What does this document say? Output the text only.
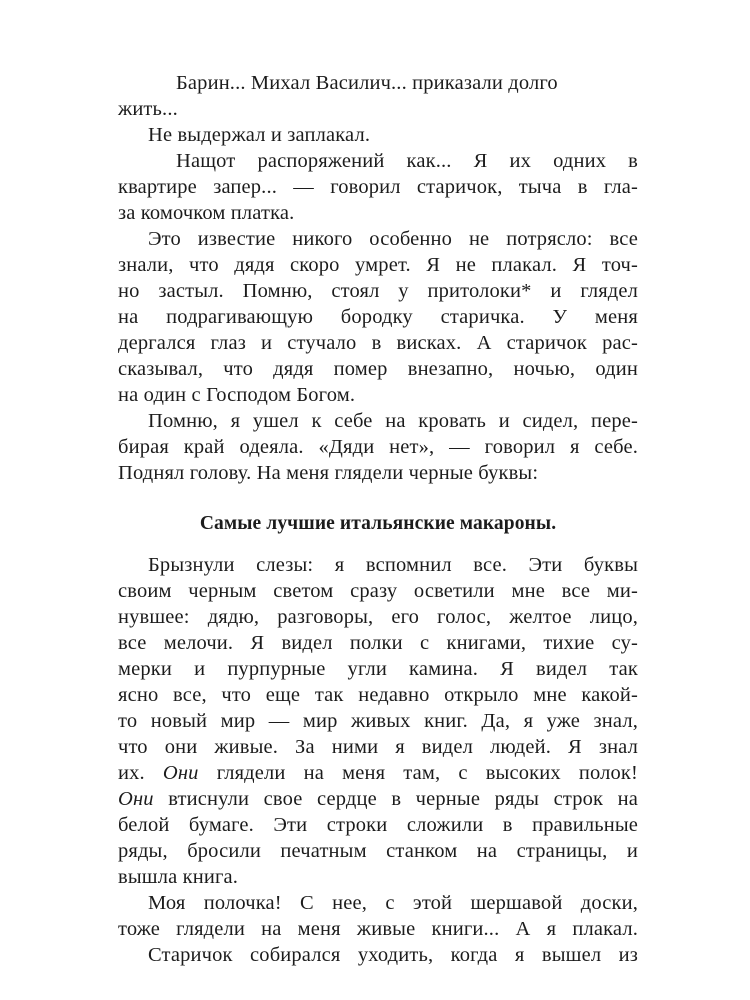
Барин... Михал Василич... приказали долго
жить...
Не выдержал и заплакал.
Нащот распоряжений как... Я их одних в
квартире запер... — говорил старичок, тыча в гла-
за комочком платка.
Это известие никого особенно не потрясло: все
знали, что дядя скоро умрет. Я не плакал. Я точ-
но застыл. Помню, стоял у притолоки* и глядел
на подрагивающую бородку старичка. У меня
дергался глаз и стучало в висках. А старичок рас-
сказывал, что дядя помер внезапно, ночью, один
на один с Господом Богом.
Помню, я ушел к себе на кровать и сидел, пере-
бирая край одеяла. «Дяди нет», — говорил я себе.
Поднял голову. На меня глядели черные буквы:
Самые лучшие итальянские макароны.
Брызнули слезы: я вспомнил все. Эти буквы
своим черным светом сразу осветили мне все ми-
нувшее: дядю, разговоры, его голос, желтое лицо,
все мелочи. Я видел полки с книгами, тихие су-
мерки и пурпурные угли камина. Я видел так
ясно все, что еще так недавно открыло мне какой-
то новый мир — мир живых книг. Да, я уже знал,
что они живые. За ними я видел людей. Я знал
их. Они глядели на меня там, с высоких полок!
Они втиснули свое сердце в черные ряды строк на
белой бумаге. Эти строки сложили в правильные
ряды, бросили печатным станком на страницы, и
вышла книга.
Моя полочка! С нее, с этой шершавой доски,
тоже глядели на меня живые книги... А я плакал.
Старичок собирался уходить, когда я вышел из
